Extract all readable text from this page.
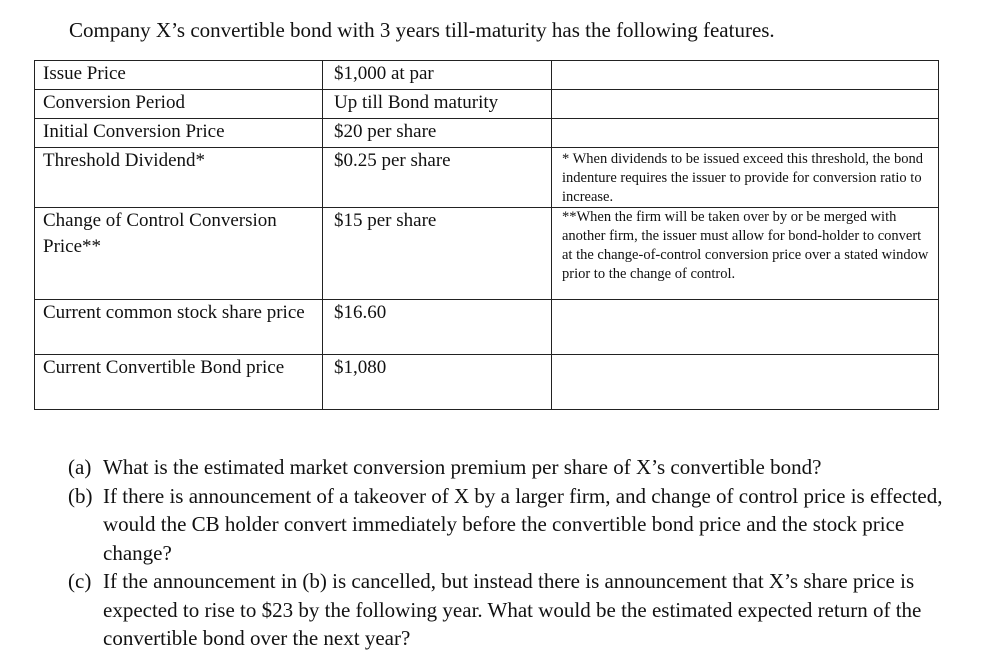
Company X’s convertible bond with 3 years till-maturity has the following features.
Issue Price	$1,000 at par	
Conversion Period	Up till Bond maturity	
Initial Conversion Price	$20 per share	
Threshold Dividend*	$0.25 per share	* When dividends to be issued exceed this threshold, the bond indenture requires the issuer to provide for conversion ratio to increase.
Change of Control Conversion Price**	$15 per share	**When the firm will be taken over by or be merged with another firm, the issuer must allow for bond-holder to convert at the change-of-control conversion price over a stated window prior to the change of control.
Current common stock share price	$16.60	
Current Convertible Bond price	$1,080	
(a) What is the estimated market conversion premium per share of X’s convertible bond?
(b) If there is announcement of a takeover of X by a larger firm, and change of control price is effected, would the CB holder convert immediately before the convertible bond price and the stock price change?
(c) If the announcement in (b) is cancelled, but instead there is announcement that X’s share price is expected to rise to $23 by the following year. What would be the estimated expected return of the convertible bond over the next year?
